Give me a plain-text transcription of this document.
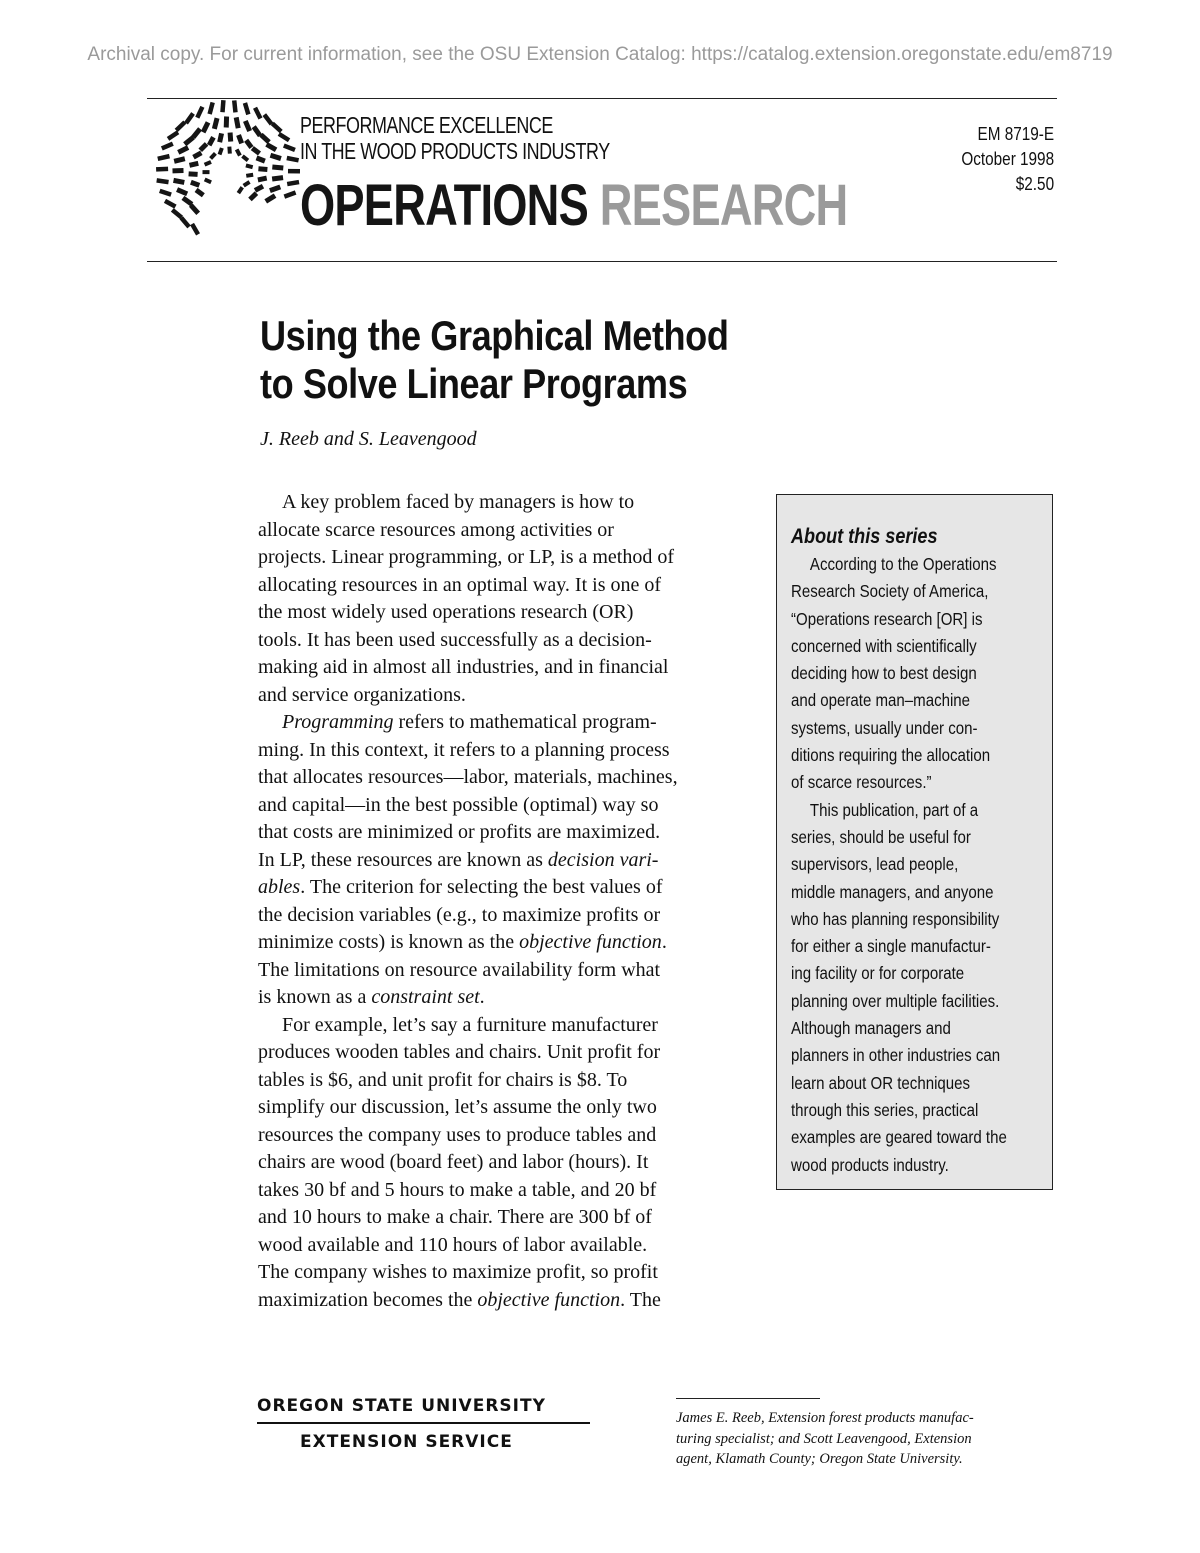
Archival copy. For current information, see the OSU Extension Catalog: https://catalog.extension.oregonstate.edu/em8719
PERFORMANCE EXCELLENCE
IN THE WOOD PRODUCTS INDUSTRY
OPERATIONS RESEARCH
EM 8719-E
October 1998
$2.50
Using the Graphical Method
to Solve Linear Programs
J. Reeb and S. Leavengood

A key problem faced by managers is how to

allocate scarce resources among activities or
projects. Linear programming, or LP, is a method of
allocating resources in an optimal way. It is one of
the most widely used operations research (OR)
tools. It has been used successfully as a decision-
making aid in almost all industries, and in financial
and service organizations.

Programming refers to mathematical program-

ming. In this context, it refers to a planning process
that allocates resources—labor, materials, machines,
and capital—in the best possible (optimal) way so
that costs are minimized or profits are maximized.
In LP, these resources are known as decision vari-
ables. The criterion for selecting the best values of
the decision variables (e.g., to maximize profits or
minimize costs) is known as the objective function.
The limitations on resource availability form what
is known as a constraint set.

For example, let’s say a furniture manufacturer

produces wooden tables and chairs. Unit profit for
tables is $6, and unit profit for chairs is $8. To
simplify our discussion, let’s assume the only two
resources the company uses to produce tables and
chairs are wood (board feet) and labor (hours). It
takes 30 bf and 5 hours to make a table, and 20 bf
and 10 hours to make a chair. There are 300 bf of
wood available and 110 hours of labor available.
The company wishes to maximize profit, so profit
maximization becomes the objective function. The
About this series
According to the Operations
Research Society of America,
“Operations research [OR] is
concerned with scientifically
deciding how to best design
and operate man–machine
systems, usually under con-
ditions requiring the allocation
of scarce resources.”
This publication, part of a
series, should be useful for
supervisors, lead people,
middle managers, and anyone
who has planning responsibility
for either a single manufactur-
ing facility or for corporate
planning over multiple facilities.
Although managers and
planners in other industries can
learn about OR techniques
through this series, practical
examples are geared toward the
wood products industry.
OREGON STATE UNIVERSITY
EXTENSION SERVICE
James E. Reeb, Extension forest products manufac-
turing specialist; and Scott Leavengood, Extension
agent, Klamath County; Oregon State University.
